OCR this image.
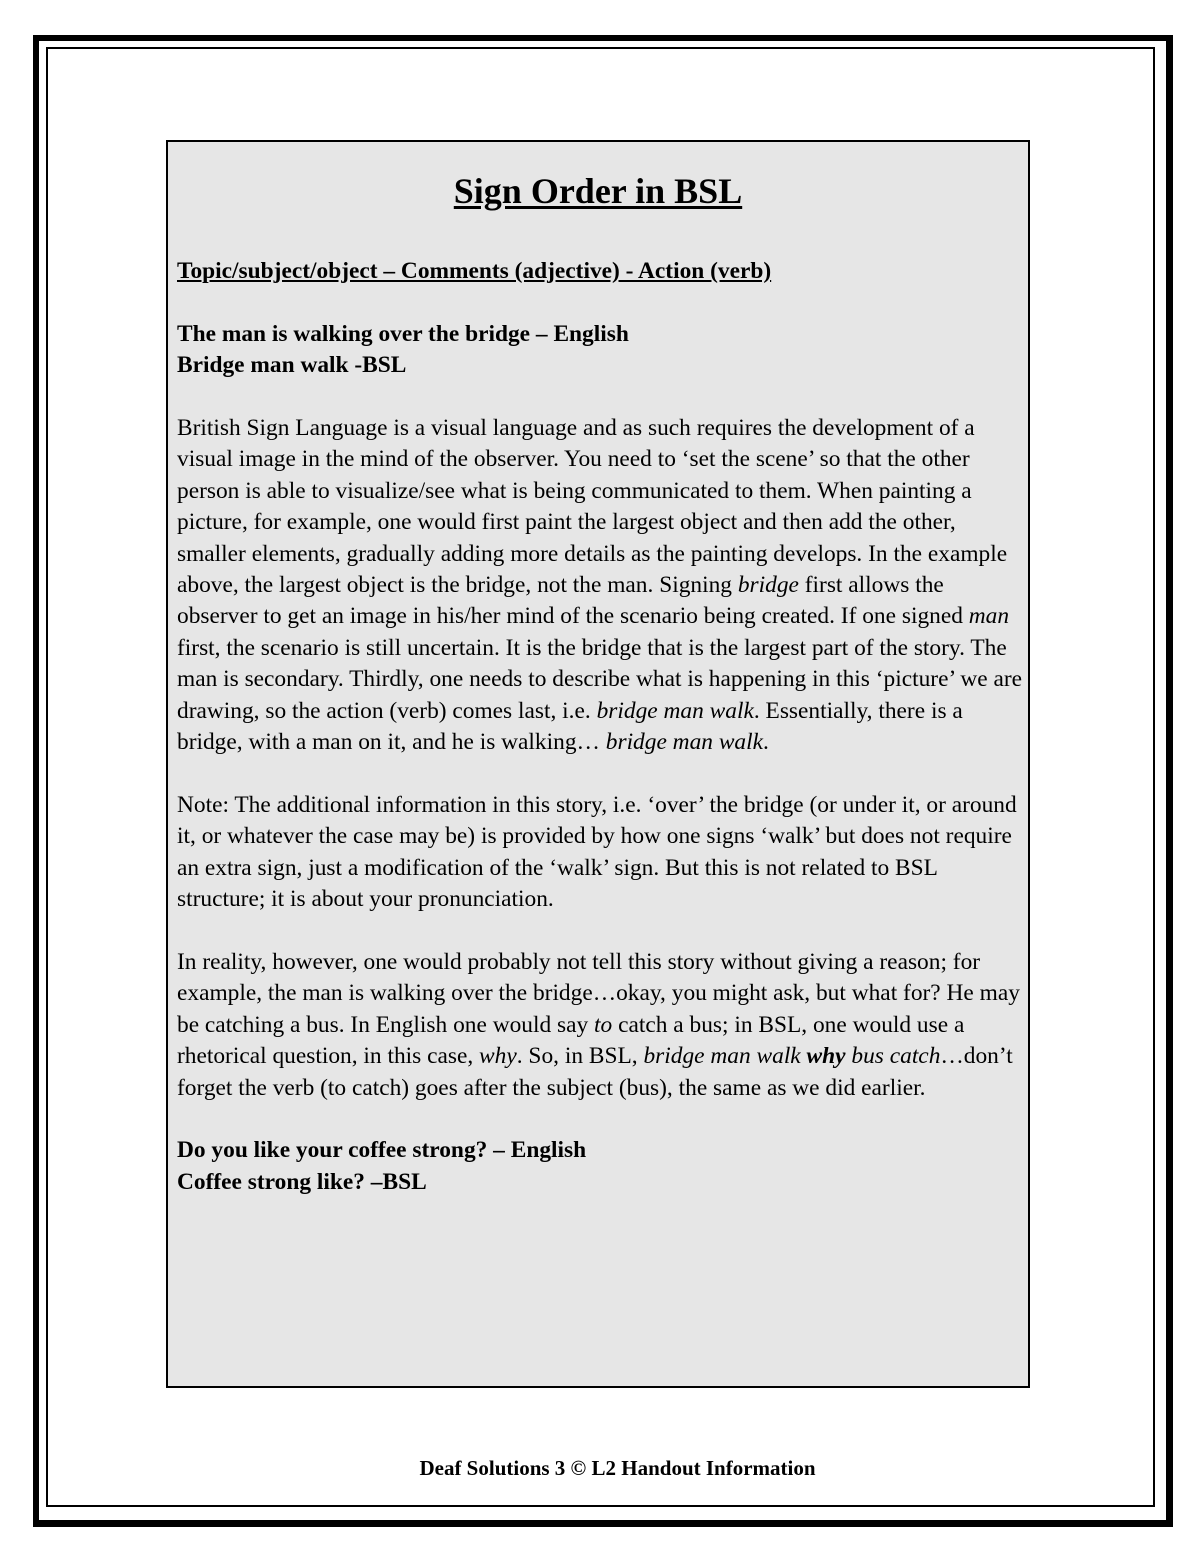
Sign Order in BSL

Topic/subject/object – Comments (adjective) - Action (verb)

The man is walking over the bridge – English
Bridge man walk -BSL

British Sign Language is a visual language and as such requires the development of a visual image in the mind of the observer. You need to ‘set the scene’ so that the other person is able to visualize/see what is being communicated to them. When painting a picture, for example, one would first paint the largest object and then add the other, smaller elements, gradually adding more details as the painting develops. In the example above, the largest object is the bridge, not the man. Signing bridge first allows the observer to get an image in his/her mind of the scenario being created. If one signed man first, the scenario is still uncertain. It is the bridge that is the largest part of the story. The man is secondary. Thirdly, one needs to describe what is happening in this ‘picture’ we are drawing, so the action (verb) comes last, i.e. bridge man walk. Essentially, there is a bridge, with a man on it, and he is walking… bridge man walk.

Note: The additional information in this story, i.e. ‘over’ the bridge (or under it, or around it, or whatever the case may be) is provided by how one signs ‘walk’ but does not require an extra sign, just a modification of the ‘walk’ sign. But this is not related to BSL structure; it is about your pronunciation.

In reality, however, one would probably not tell this story without giving a reason; for example, the man is walking over the bridge…okay, you might ask, but what for? He may be catching a bus. In English one would say to catch a bus; in BSL, one would use a rhetorical question, in this case, why. So, in BSL, bridge man walk why bus catch…don’t forget the verb (to catch) goes after the subject (bus), the same as we did earlier.

Do you like your coffee strong? – English
Coffee strong like? –BSL

Deaf Solutions 3 © L2 Handout Information
